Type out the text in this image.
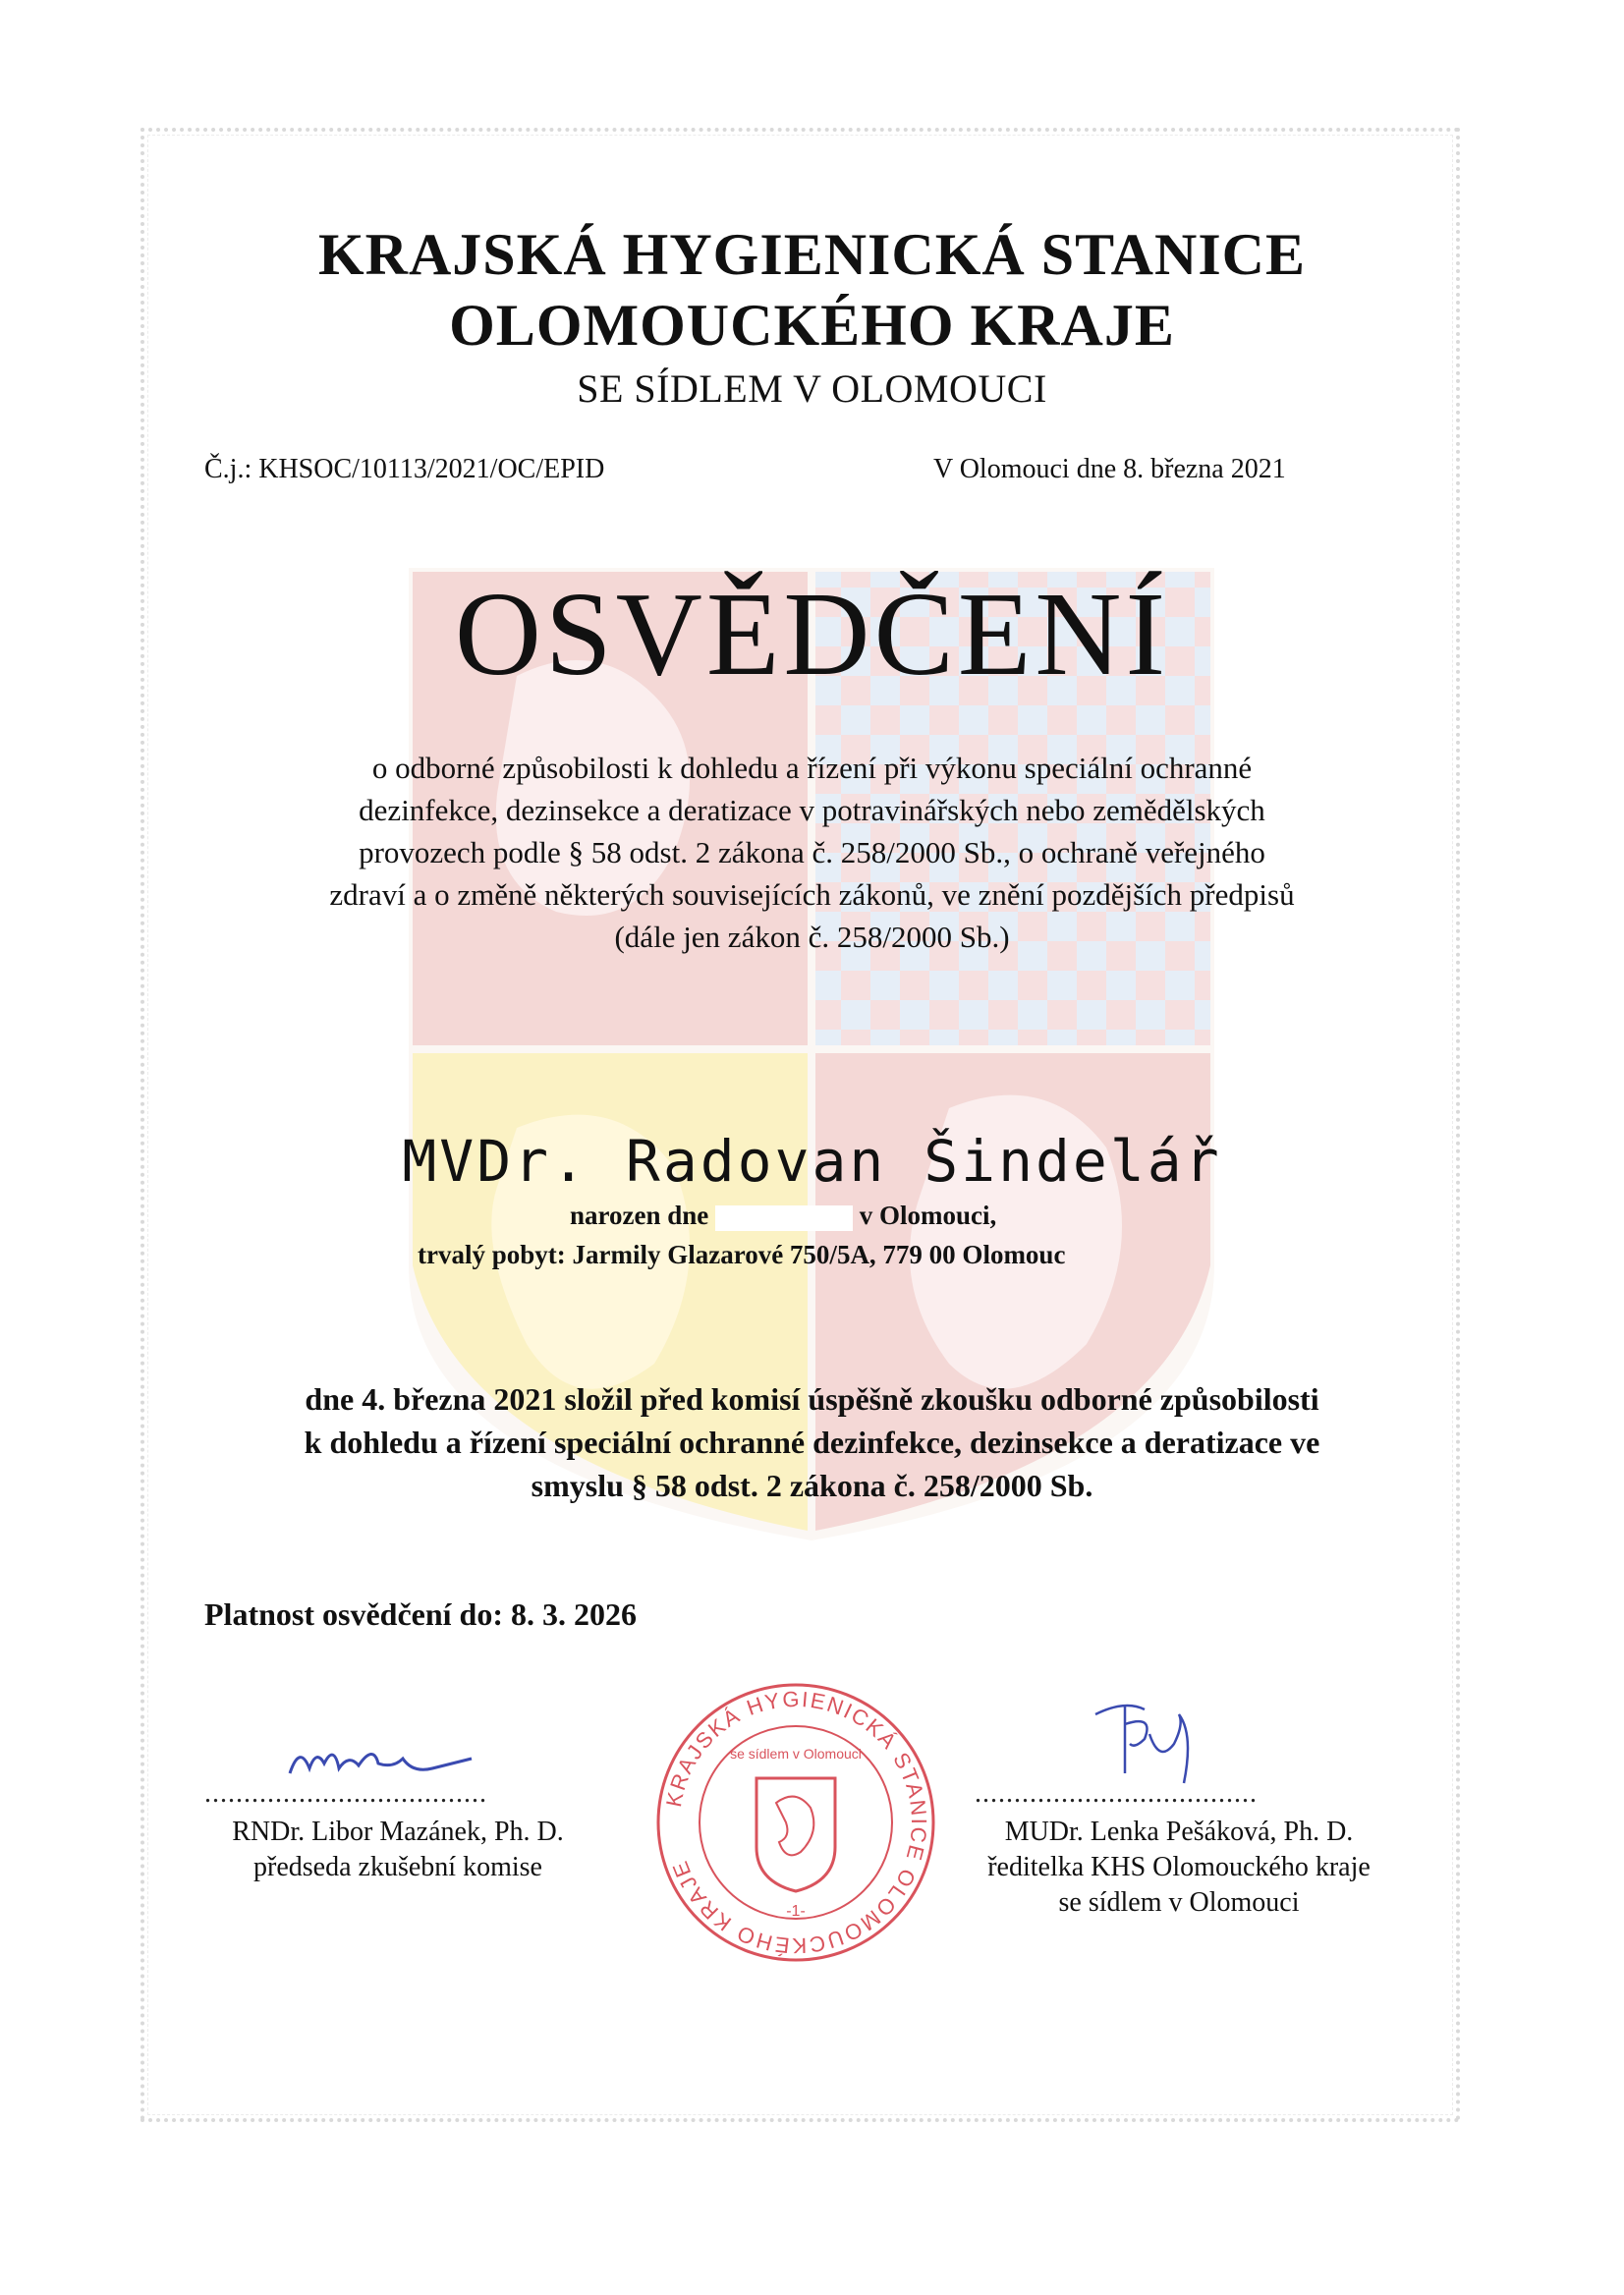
KRAJSKÁ HYGIENICKÁ STANICE
OLOMOUCKÉHO KRAJE
SE SÍDLEM V OLOMOUCI
Č.j.: KHSOC/10113/2021/OC/EPID	V Olomouci dne 8. března 2021
OSVĚDČENÍ
o odborné způsobilosti k dohledu a řízení při výkonu speciální ochranné
dezinfekce, dezinsekce a deratizace v potravinářských nebo zemědělských
provozech podle § 58 odst. 2 zákona č. 258/2000 Sb., o ochraně veřejného
zdraví a o změně některých souvisejících zákonů, ve znění pozdějších předpisů
(dále jen zákon č. 258/2000 Sb.)
MVDr. Radovan Šindelář
narozen dne	v Olomouci,
trvalý pobyt: Jarmily Glazarové 750/5A, 779 00 Olomouc
dne 4. března 2021 složil před komisí úspěšně zkoušku odborné způsobilosti
k dohledu a řízení speciální ochranné dezinfekce, dezinsekce a deratizace ve
smyslu § 58 odst. 2 zákona č. 258/2000 Sb.
Platnost osvědčení do: 8. 3. 2026
....................................
RNDr. Libor Mazánek, Ph. D.
předseda zkušební komise
KRAJSKÁ HYGIENICKÁ STANICE OLOMOUCKÉHO KRAJE
se sídlem v Olomouci
-1-
....................................
MUDr. Lenka Pešáková, Ph. D.
ředitelka KHS Olomouckého kraje
se sídlem v Olomouci
